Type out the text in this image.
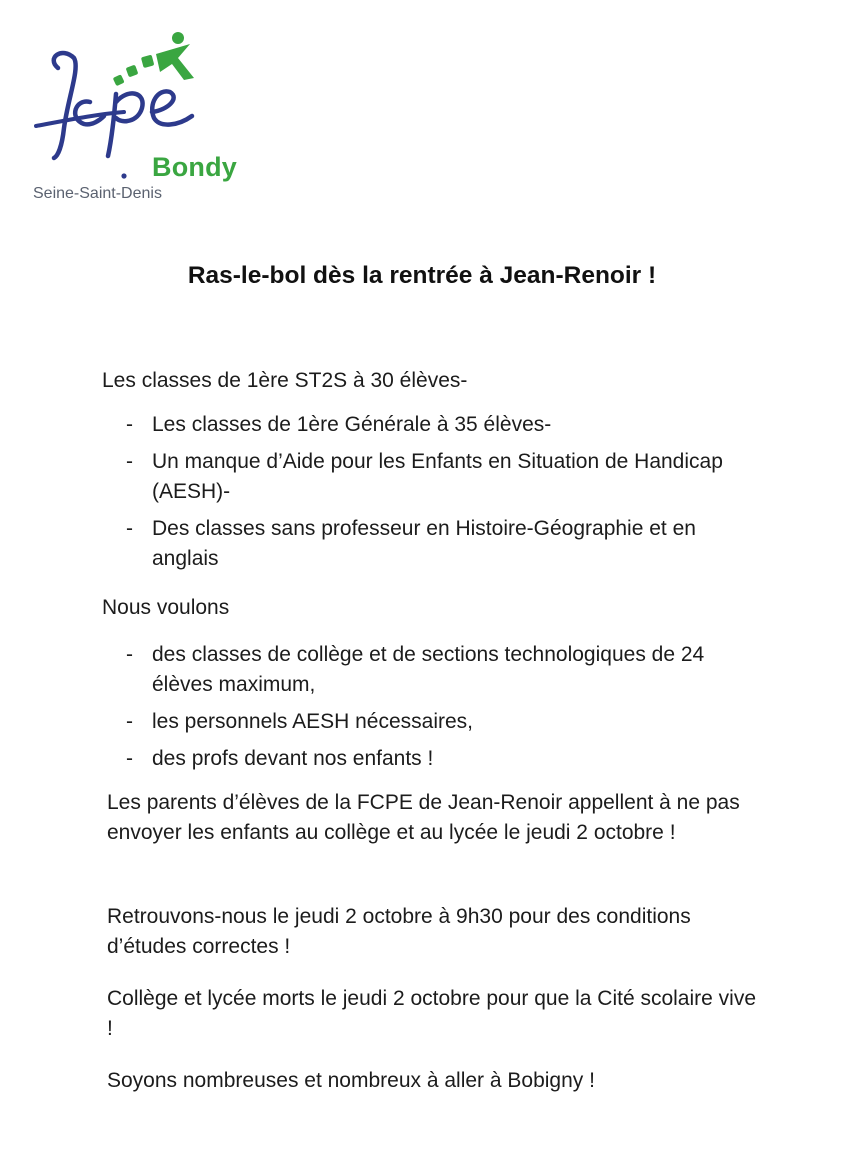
Bondy
Seine-Saint-Denis
Ras-le-bol dès la rentrée à Jean-Renoir !

Les classes de 1ère ST2S à 30 élèves-

- Les classes de 1ère Générale à 35 élèves-
- Un manque d’Aide pour les Enfants en Situation de Handicap (AESH)-
- Des classes sans professeur en Histoire-Géographie et en anglais

Nous voulons

- des classes de collège et de sections technologiques de 24 élèves maximum,
- les personnels AESH nécessaires,
- des profs devant nos enfants !

Les parents d’élèves de la FCPE de Jean-Renoir appellent à ne pas envoyer les enfants au collège et au lycée le jeudi 2 octobre !

Retrouvons-nous le jeudi 2 octobre à 9h30 pour des conditions d’études correctes !

Collège et lycée morts le jeudi 2 octobre pour que la Cité scolaire vive !

Soyons nombreuses et nombreux à aller à Bobigny !
